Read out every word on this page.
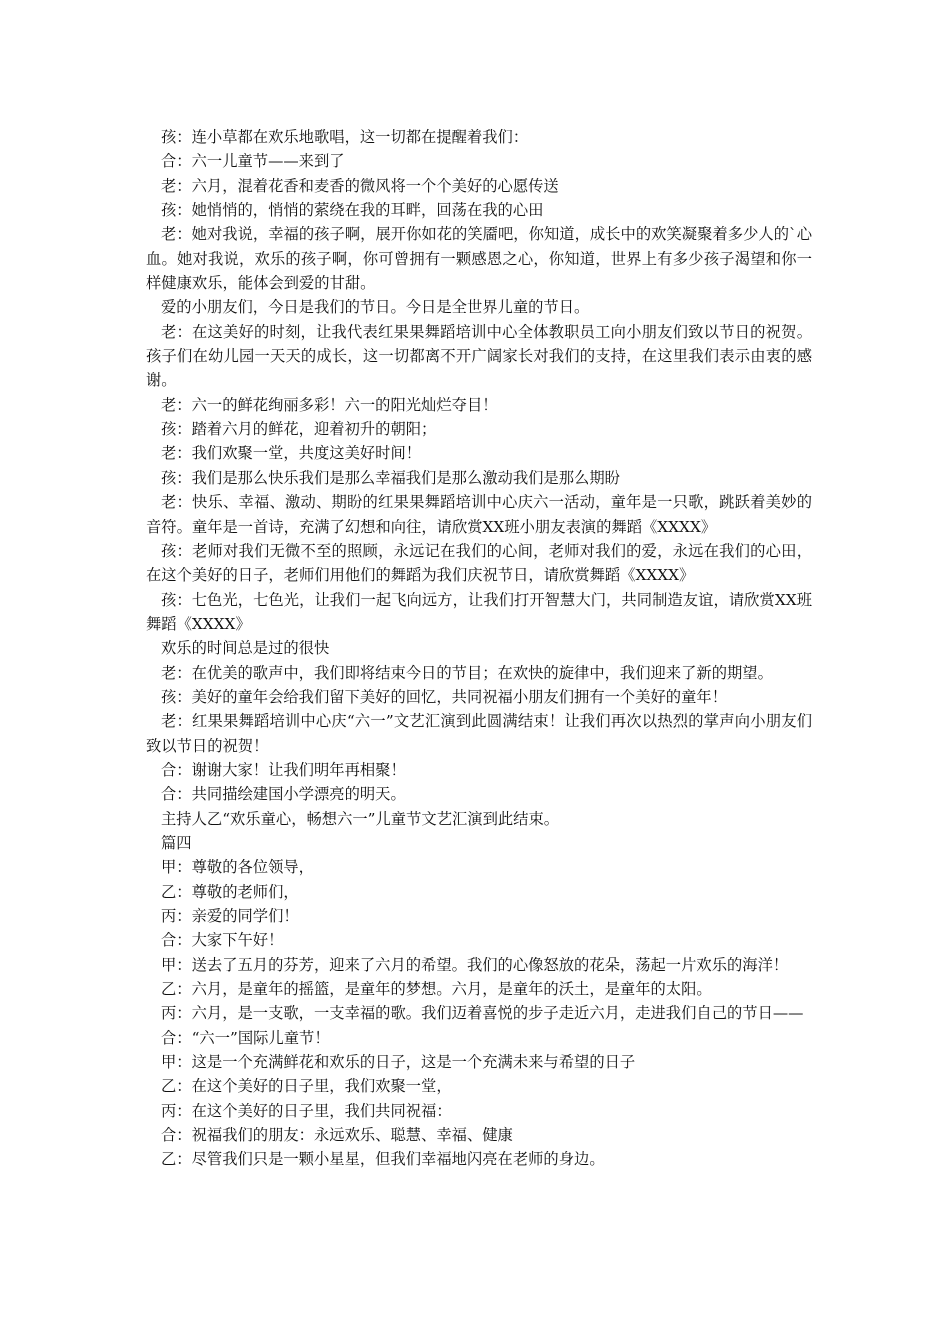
孩：连小草都在欢乐地歌唱，这一切都在提醒着我们：

合：六一儿童节——来到了

老：六月，混着花香和麦香的微风将一个个美好的心愿传送

孩：她悄悄的，悄悄的萦绕在我的耳畔，回荡在我的心田

老：她对我说，幸福的孩子啊，展开你如花的笑靥吧，你知道，成长中的欢笑凝聚着多少人的`心血。她对我说，欢乐的孩子啊，你可曾拥有一颗感恩之心，你知道，世界上有多少孩子渴望和你一样健康欢乐，能体会到爱的甘甜。

爱的小朋友们，今日是我们的节日。今日是全世界儿童的节日。

老：在这美好的时刻，让我代表红果果舞蹈培训中心全体教职员工向小朋友们致以节日的祝贺。孩子们在幼儿园一天天的成长，这一切都离不开广阔家长对我们的支持，在这里我们表示由衷的感谢。

老：六一的鲜花绚丽多彩！六一的阳光灿烂夺目！

孩：踏着六月的鲜花，迎着初升的朝阳；

老：我们欢聚一堂，共度这美好时间！

孩：我们是那么快乐我们是那么幸福我们是那么激动我们是那么期盼

老：快乐、幸福、激动、期盼的红果果舞蹈培训中心庆六一活动，童年是一只歌，跳跃着美妙的音符。童年是一首诗，充满了幻想和向往，请欣赏XX班小朋友表演的舞蹈《XXXX》

孩：老师对我们无微不至的照顾，永远记在我们的心间，老师对我们的爱，永远在我们的心田，在这个美好的日子，老师们用他们的舞蹈为我们庆祝节日，请欣赏舞蹈《XXXX》

孩：七色光，七色光，让我们一起飞向远方，让我们打开智慧大门，共同制造友谊，请欣赏XX班舞蹈《XXXX》

欢乐的时间总是过的很快

老：在优美的歌声中，我们即将结束今日的节目；在欢快的旋律中，我们迎来了新的期望。

孩：美好的童年会给我们留下美好的回忆，共同祝福小朋友们拥有一个美好的童年！

老：红果果舞蹈培训中心庆“六一”文艺汇演到此圆满结束！让我们再次以热烈的掌声向小朋友们致以节日的祝贺！

合：谢谢大家！让我们明年再相聚！

合：共同描绘建国小学漂亮的明天。

主持人乙“欢乐童心，畅想六一”儿童节文艺汇演到此结束。

篇四

甲：尊敬的各位领导，

乙：尊敬的老师们，

丙：亲爱的同学们！

合：大家下午好！

甲：送去了五月的芬芳，迎来了六月的希望。我们的心像怒放的花朵，荡起一片欢乐的海洋！

乙：六月，是童年的摇篮，是童年的梦想。六月，是童年的沃土，是童年的太阳。

丙：六月，是一支歌，一支幸福的歌。我们迈着喜悦的步子走近六月，走进我们自己的节日——

合：“六一”国际儿童节！

甲：这是一个充满鲜花和欢乐的日子，这是一个充满未来与希望的日子

乙：在这个美好的日子里，我们欢聚一堂，

丙：在这个美好的日子里，我们共同祝福：

合：祝福我们的朋友：永远欢乐、聪慧、幸福、健康

乙：尽管我们只是一颗小星星，但我们幸福地闪亮在老师的身边。
